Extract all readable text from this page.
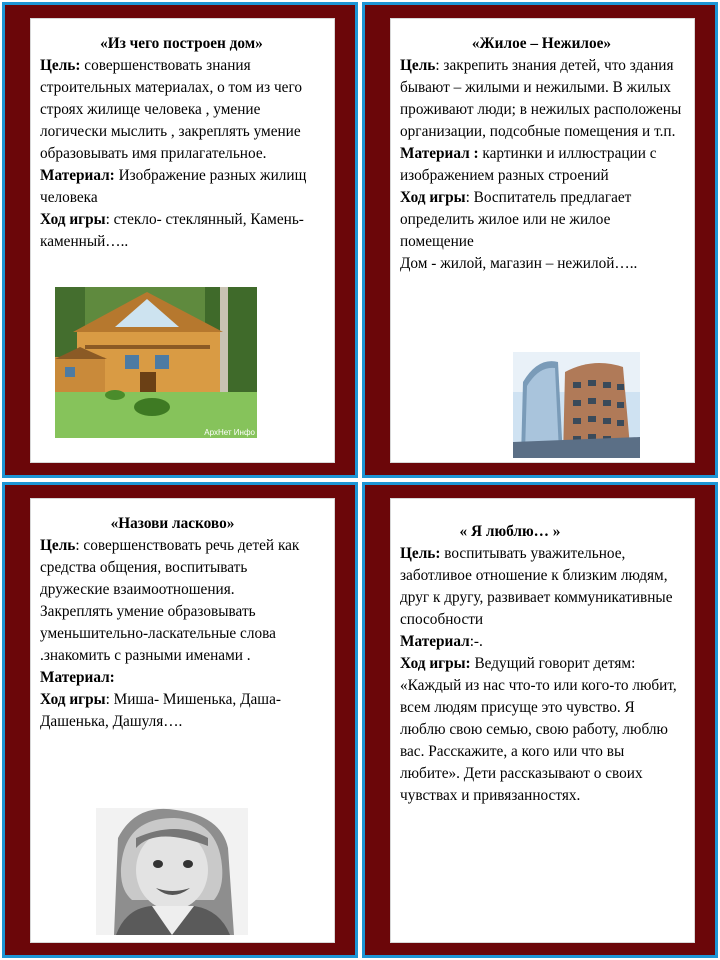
«Из чего построен дом»
Цель: совершенствовать знания строительных материалах, о том из чего строях жилище человека , умение логически мыслить , закреплять умение образовывать имя прилагательное.
Материал: Изображение разных жилищ человека
Ход игры: стекло- стеклянный, Камень-каменный…..
АрхНет Инфо
«Жилое – Нежилое»
Цель: закрепить знания детей, что здания бывают – жилыми и нежилыми. В жилых проживают люди; в нежилых расположены организации, подсобные помещения и т.п.
Материал : картинки и иллюстрации с изображением разных строений
Ход игры: Воспитатель предлагает определить жилое или не жилое помещение
Дом - жилой, магазин – нежилой…..
«Назови ласково»
Цель: совершенствовать речь детей как средства общения, воспитывать дружеские взаимоотношения. Закреплять умение образовывать уменьшительно-ласкательные слова .знакомить с разными именами .
Материал:
Ход игры: Миша- Мишенька, Даша- Дашенька, Дашуля….
« Я люблю… »
Цель: воспитывать уважительное, заботливое отношение к близким людям, друг к другу, развивает коммуникативные способности
Материал:-.
Ход игры: Ведущий говорит детям: «Каждый из нас что-то или кого-то любит, всем людям присуще это чувство. Я люблю свою семью, свою работу, люблю вас. Расскажите, а кого или что вы любите». Дети рассказывают о своих чувствах и привязанностях.
